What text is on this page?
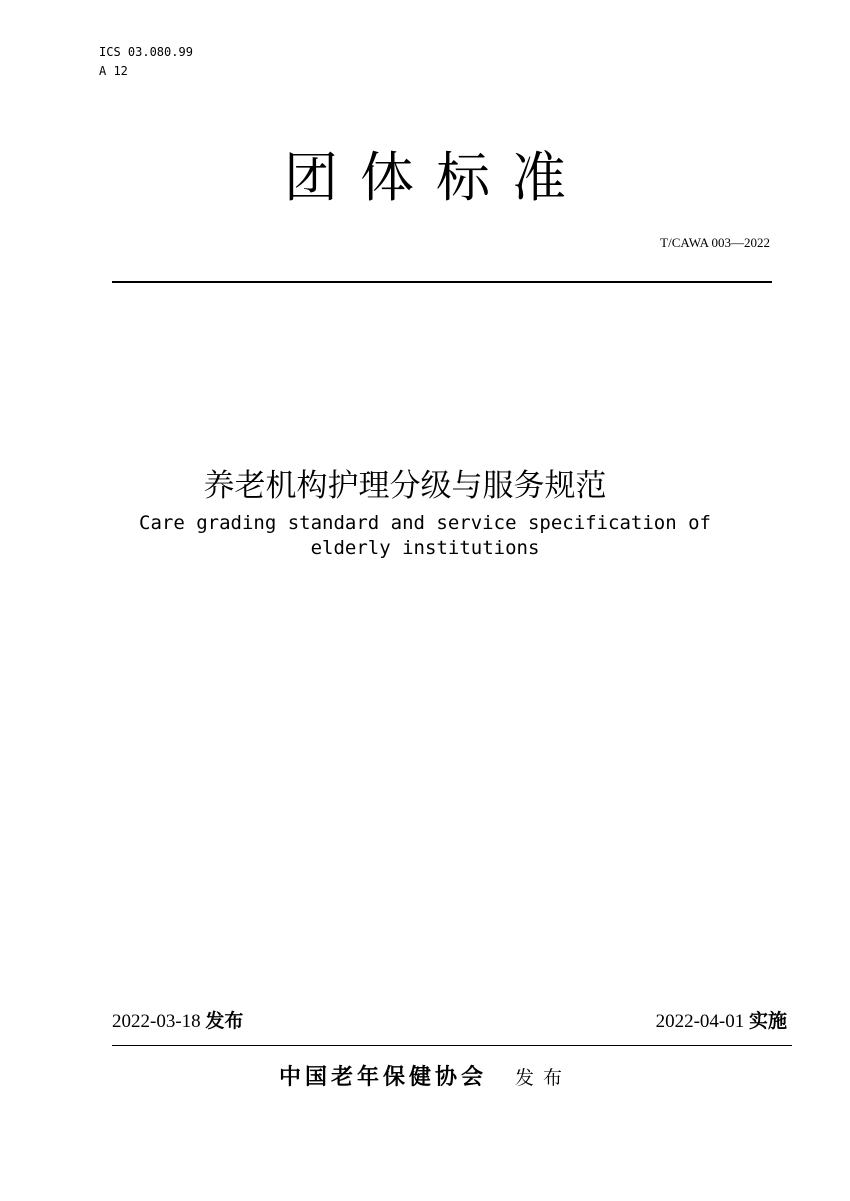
ICS 03.080.99
A 12
团体标准
T/CAWA 003—2022
养老机构护理分级与服务规范
Care grading standard and service specification of
elderly institutions
2022-03-18 发布	2022-04-01 实施
中国老年保健协会 发布
